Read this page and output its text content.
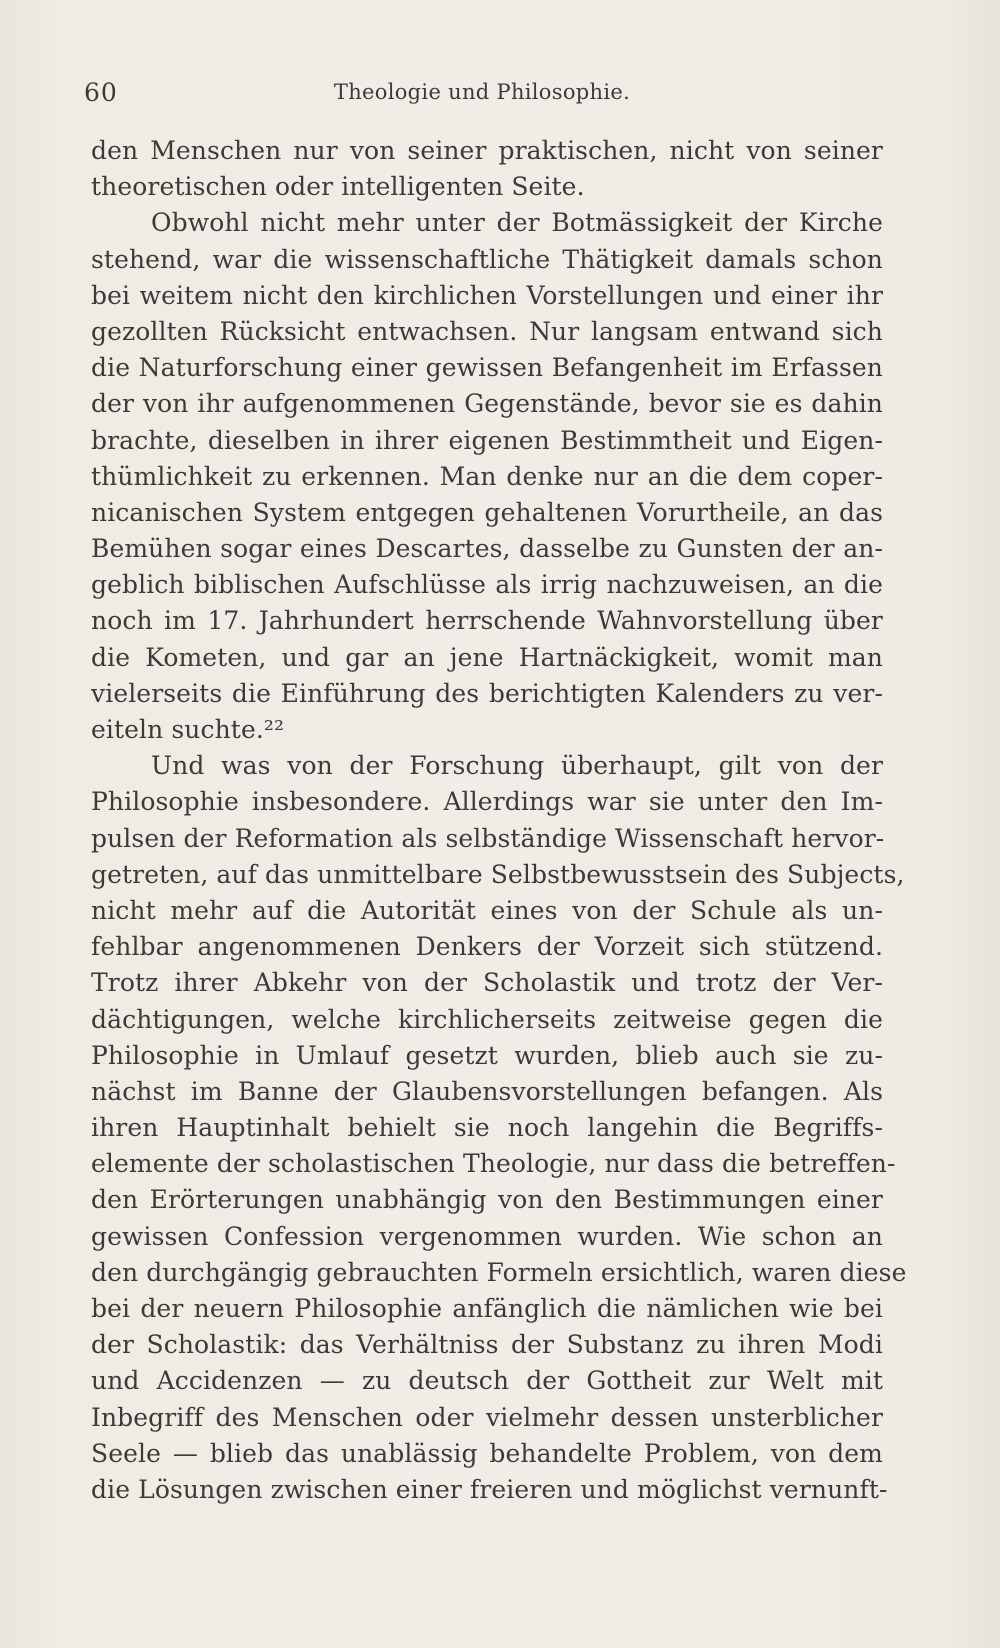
60	Theologie und Philosophie.
den Menschen nur von seiner praktischen, nicht von seiner
theoretischen oder intelligenten Seite.
Obwohl nicht mehr unter der Botmässigkeit der Kirche
stehend, war die wissenschaftliche Thätigkeit damals schon
bei weitem nicht den kirchlichen Vorstellungen und einer ihr
gezollten Rücksicht entwachsen. Nur langsam entwand sich
die Naturforschung einer gewissen Befangenheit im Erfassen
der von ihr aufgenommenen Gegenstände, bevor sie es dahin
brachte, dieselben in ihrer eigenen Bestimmtheit und Eigen-
thümlichkeit zu erkennen. Man denke nur an die dem coper-
nicanischen System entgegen gehaltenen Vorurtheile, an das
Bemühen sogar eines Descartes, dasselbe zu Gunsten der an-
geblich biblischen Aufschlüsse als irrig nachzuweisen, an die
noch im 17. Jahrhundert herrschende Wahnvorstellung über
die Kometen, und gar an jene Hartnäckigkeit, womit man
vielerseits die Einführung des berichtigten Kalenders zu ver-
eiteln suchte.²²
Und was von der Forschung überhaupt, gilt von der
Philosophie insbesondere. Allerdings war sie unter den Im-
pulsen der Reformation als selbständige Wissenschaft hervor-
getreten, auf das unmittelbare Selbstbewusstsein des Subjects,
nicht mehr auf die Autorität eines von der Schule als un-
fehlbar angenommenen Denkers der Vorzeit sich stützend.
Trotz ihrer Abkehr von der Scholastik und trotz der Ver-
dächtigungen, welche kirchlicherseits zeitweise gegen die
Philosophie in Umlauf gesetzt wurden, blieb auch sie zu-
nächst im Banne der Glaubensvorstellungen befangen. Als
ihren Hauptinhalt behielt sie noch langehin die Begriffs-
elemente der scholastischen Theologie, nur dass die betreffen-
den Erörterungen unabhängig von den Bestimmungen einer
gewissen Confession vergenommen wurden. Wie schon an
den durchgängig gebrauchten Formeln ersichtlich, waren diese
bei der neuern Philosophie anfänglich die nämlichen wie bei
der Scholastik: das Verhältniss der Substanz zu ihren Modi
und Accidenzen — zu deutsch der Gottheit zur Welt mit
Inbegriff des Menschen oder vielmehr dessen unsterblicher
Seele — blieb das unablässig behandelte Problem, von dem
die Lösungen zwischen einer freieren und möglichst vernunft-
